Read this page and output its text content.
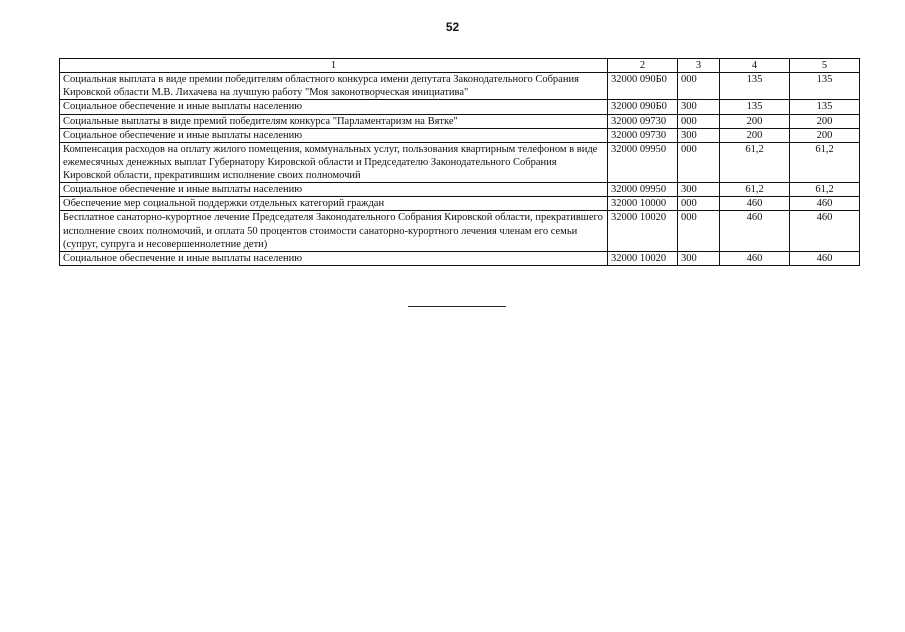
52
1	2	3	4	5
Социальная выплата в виде премии победителям областного конкурса имени депутата Законодательного Собрания Кировской области М.В. Лихачева на лучшую работу "Моя законотворческая инициатива"	32000 090Б0	000	135	135
Социальное обеспечение и иные выплаты населению	32000 090Б0	300	135	135
Социальные выплаты в виде премий победителям конкурса "Парламентаризм на Вятке"	32000 09730	000	200	200
Социальное обеспечение и иные выплаты населению	32000 09730	300	200	200
Компенсация расходов на оплату жилого помещения, коммунальных услуг, пользования квартирным телефоном в виде ежемесячных денежных выплат Губернатору Кировской области и Председателю Законодательного Собрания Кировской области, прекратившим исполнение своих полномочий	32000 09950	000	61,2	61,2
Социальное обеспечение и иные выплаты населению	32000 09950	300	61,2	61,2
Обеспечение мер социальной поддержки отдельных категорий граждан	32000 10000	000	460	460
Бесплатное санаторно-курортное лечение Председателя Законодательного Собрания Кировской области, прекратившего исполнение своих полномочий, и оплата 50 процентов стоимости санаторно-курортного лечения членам его семьи (супруг, супруга и несовершеннолетние дети)	32000 10020	000	460	460
Социальное обеспечение и иные выплаты населению	32000 10020	300	460	460
